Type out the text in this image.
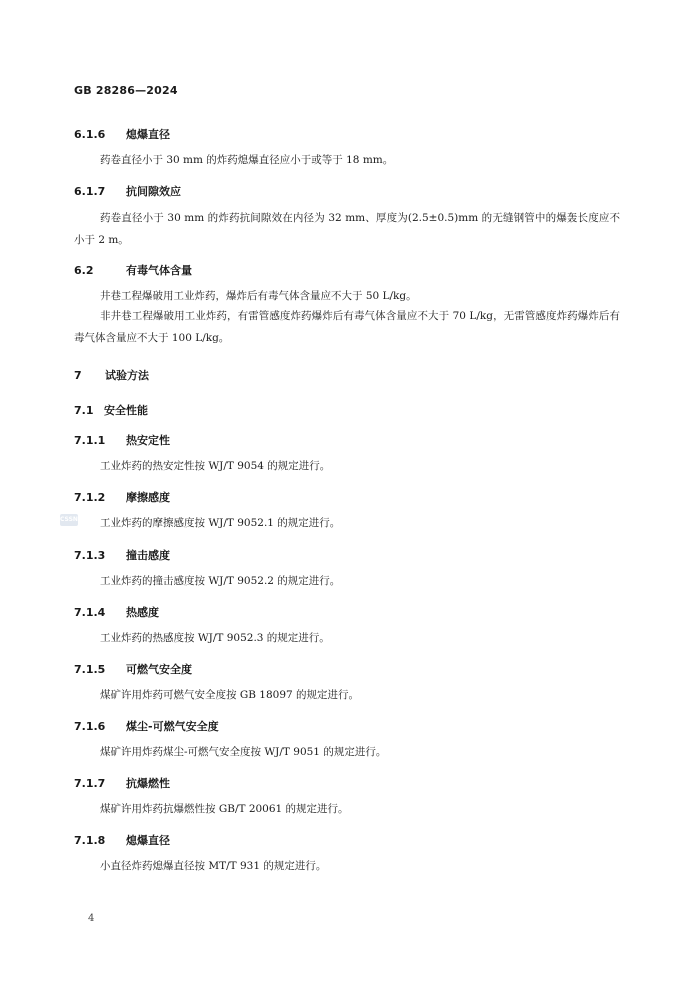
GB 28286—2024
6.1.6 熄爆直径
药卷直径小于 30 mm 的炸药熄爆直径应小于或等于 18 mm。
6.1.7 抗间隙效应
药卷直径小于 30 mm 的炸药抗间隙效在内径为 32 mm、厚度为(2.5±0.5)mm 的无缝钢管中的爆轰长度应不小于 2 m。
6.2	有毒气体含量
井巷工程爆破用工业炸药，爆炸后有毒气体含量应不大于 50 L/kg。
非井巷工程爆破用工业炸药，有雷管感度炸药爆炸后有毒气体含量应不大于 70 L/kg，无雷管感度炸药爆炸后有毒气体含量应不大于 100 L/kg。
7 试验方法
7.1 安全性能
7.1.1 热安定性
工业炸药的热安定性按 WJ/T 9054 的规定进行。
7.1.2 摩擦感度
CSSN	工业炸药的摩擦感度按 WJ/T 9052.1 的规定进行。
7.1.3 撞击感度
工业炸药的撞击感度按 WJ/T 9052.2 的规定进行。
7.1.4 热感度
工业炸药的热感度按 WJ/T 9052.3 的规定进行。
7.1.5 可燃气安全度
煤矿许用炸药可燃气安全度按 GB 18097 的规定进行。
7.1.6 煤尘-可燃气安全度
煤矿许用炸药煤尘-可燃气安全度按 WJ/T 9051 的规定进行。
7.1.7 抗爆燃性
煤矿许用炸药抗爆燃性按 GB/T 20061 的规定进行。
7.1.8 熄爆直径
小直径炸药熄爆直径按 MT/T 931 的规定进行。
4
